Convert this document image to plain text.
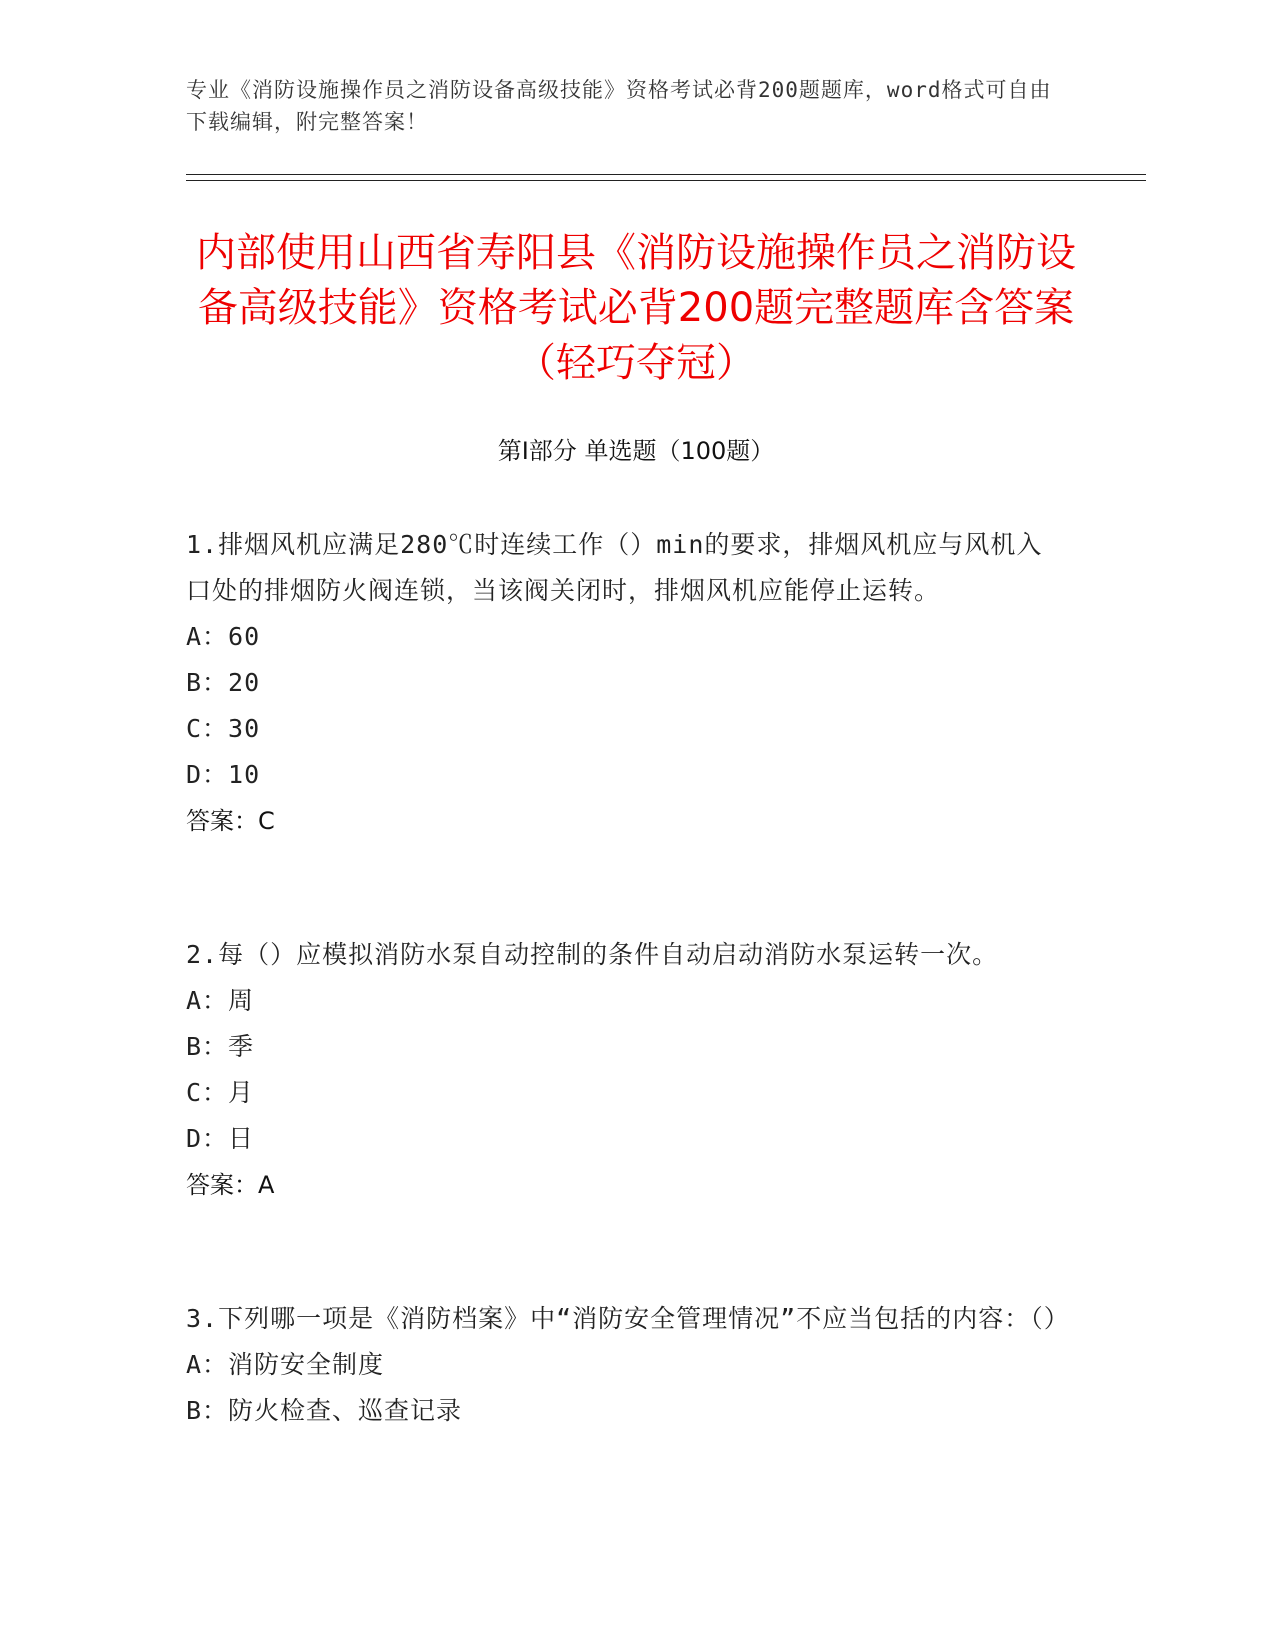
专业《消防设施操作员之消防设备高级技能》资格考试必背200题题库，word格式可自由下载编辑，附完整答案！
内部使用山西省寿阳县《消防设施操作员之消防设备高级技能》资格考试必背200题完整题库含答案（轻巧夺冠）
第Ⅰ部分 单选题（100题）
1.排烟风机应满足280℃时连续工作（）min的要求，排烟风机应与风机入口处的排烟防火阀连锁，当该阀关闭时，排烟风机应能停止运转。
A：60
B：20
C：30
D：10
答案：C
2.每（）应模拟消防水泵自动控制的条件自动启动消防水泵运转一次。
A：周
B：季
C：月
D：日
答案：A
3.下列哪一项是《消防档案》中“消防安全管理情况”不应当包括的内容：（）
A：消防安全制度
B：防火检查、巡查记录
